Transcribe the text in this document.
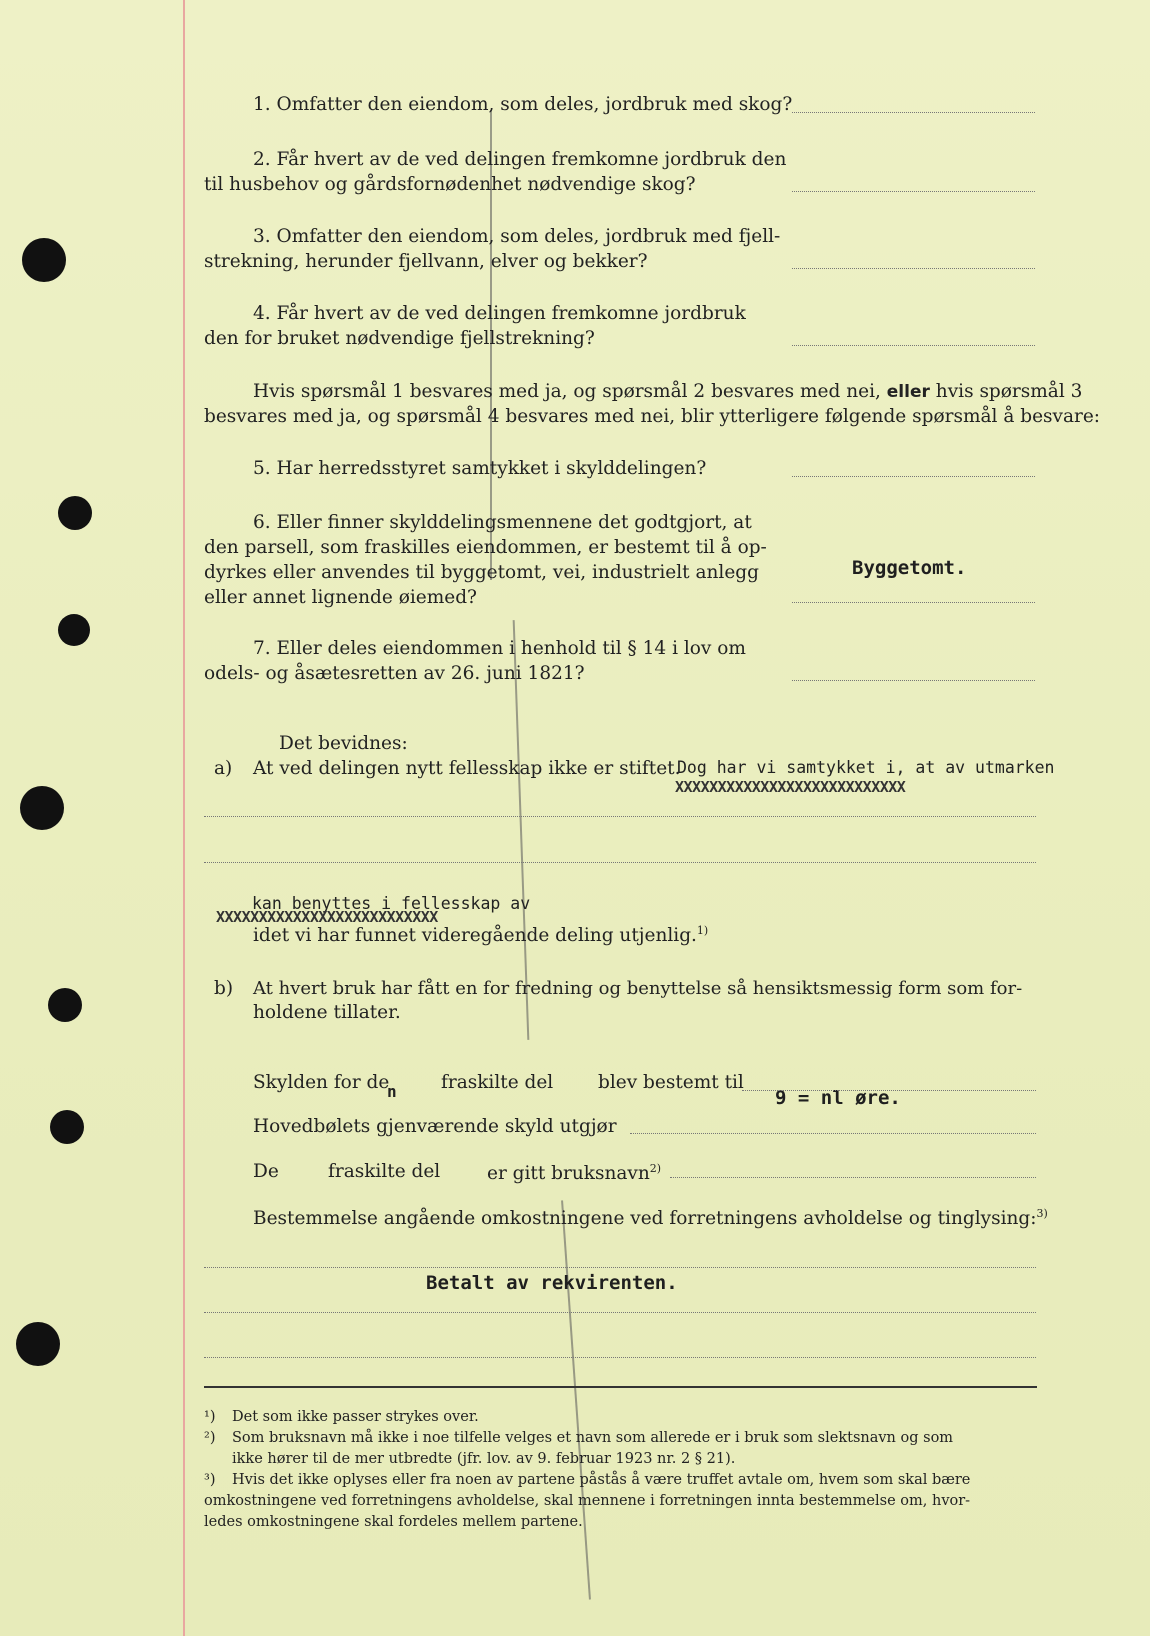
1. Omfatter den eiendom, som deles, jordbruk med skog?
2. Får hvert av de ved delingen fremkomne jordbruk den
til husbehov og gårdsfornødenhet nødvendige skog?
3. Omfatter den eiendom, som deles, jordbruk med fjell-
strekning, herunder fjellvann, elver og bekker?
4. Får hvert av de ved delingen fremkomne jordbruk
den for bruket nødvendige fjellstrekning?
Hvis spørsmål 1 besvares med ja, og spørsmål 2 besvares med nei, eller hvis spørsmål 3
besvares med ja, og spørsmål 4 besvares med nei, blir ytterligere følgende spørsmål å besvare:
5. Har herredsstyret samtykket i skylddelingen?
6. Eller finner skylddelingsmennene det godtgjort, at
den parsell, som fraskilles eiendommen, er bestemt til å op-
dyrkes eller anvendes til byggetomt, vei, industrielt anlegg
eller annet lignende øiemed?
Byggetomt.
7. Eller deles eiendommen i henhold til § 14 i lov om
odels- og åsætesretten av 26. juni 1821?
Det bevidnes:
a) At ved delingen nytt fellesskap ikke er stiftet.
Dog har vi samtykket i, at av utmarken
XXXXXXXXXXXXXXXXXXXXXXXXXXX
kan benyttes i fellesskap av
XXXXXXXXXXXXXXXXXXXXXXXXXX
idet vi har funnet videregående deling utjenlig.$^{1)}$
b) At hvert bruk har fått en for fredning og benyttelse så hensiktsmessig form som for-
holdene tillater.
Skylden for de
n fraskilte del blev bestemt til
9 = nl øre.
Hovedbølets gjenværende skyld utgjør
De	fraskilte del	er gitt bruksnavn$^{2)}$
Bestemmelse angående omkostningene ved forretningens avholdelse og tinglysing:$^{3)}$
Betalt av rekvirenten.
¹) Det som ikke passer strykes over.
²) Som bruksnavn må ikke i noe tilfelle velges et navn som allerede er i bruk som slektsnavn og som
ikke hører til de mer utbredte (jfr. lov. av 9. februar 1923 nr. 2 § 21).
³) Hvis det ikke oplyses eller fra noen av partene påstås å være truffet avtale om, hvem som skal bære
omkostningene ved forretningens avholdelse, skal mennene i forretningen innta bestemmelse om, hvor-
ledes omkostningene skal fordeles mellem partene.
